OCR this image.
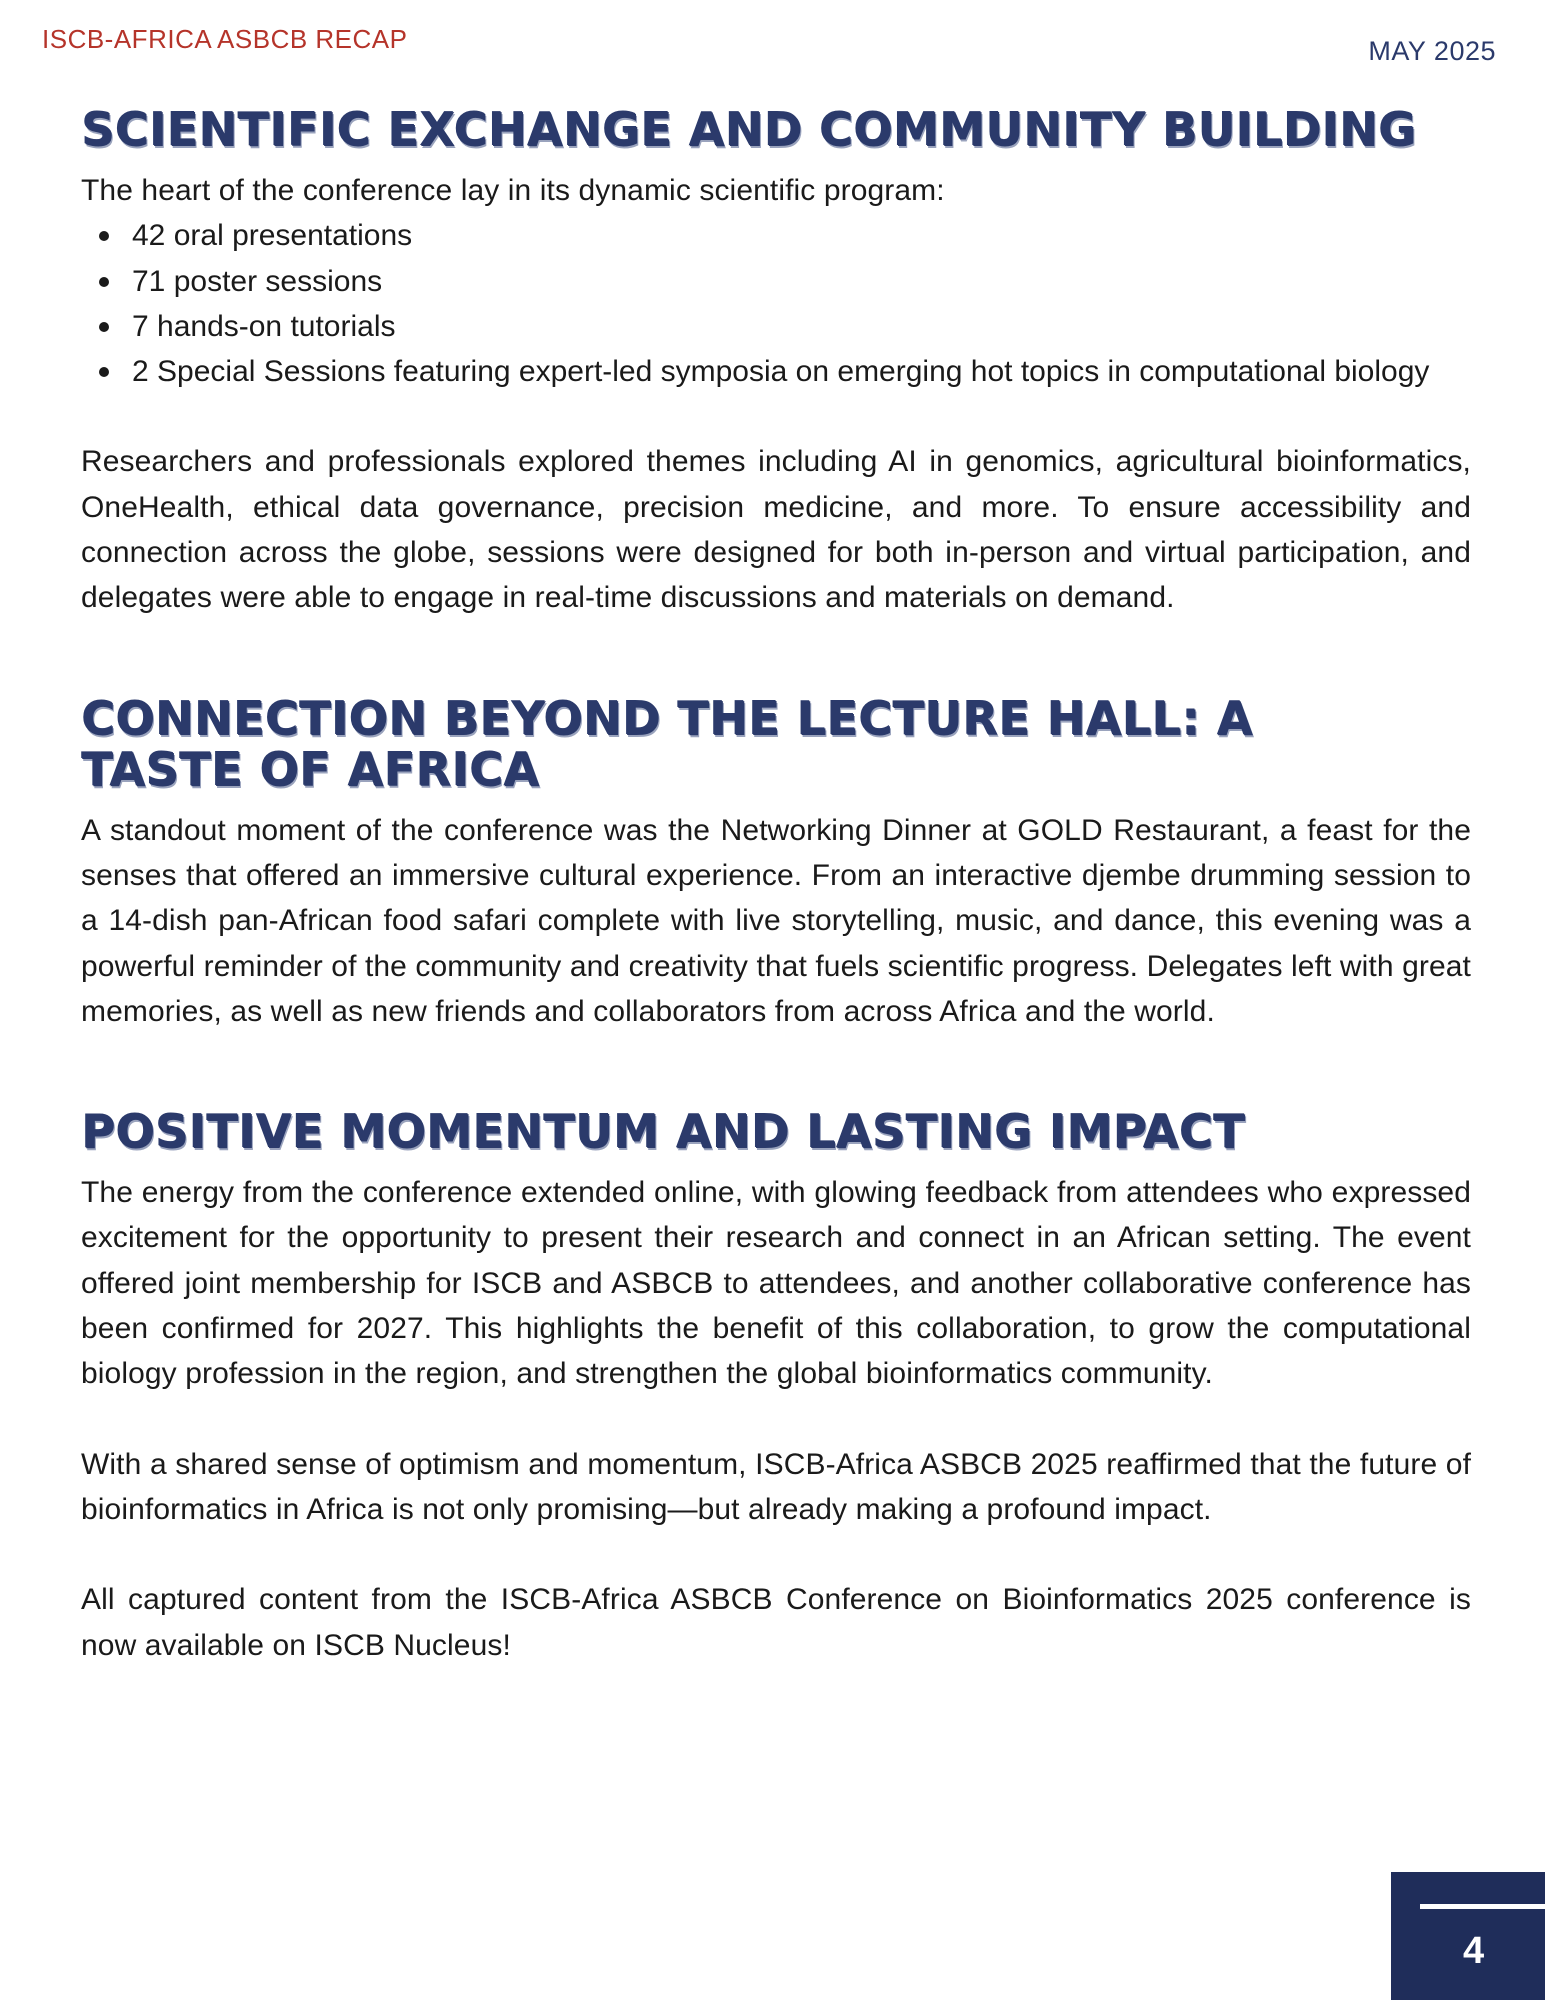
ISCB-AFRICA ASBCB RECAP	MAY 2025
SCIENTIFIC EXCHANGE AND COMMUNITY BUILDING

The heart of the conference lay in its dynamic scientific program:

42 oral presentations
71 poster sessions
7 hands-on tutorials
2 Special Sessions featuring expert-led symposia on emerging hot topics in computational biology

Researchers and professionals explored themes including AI in genomics, agricultural bioinformatics, OneHealth, ethical data governance, precision medicine, and more. To ensure accessibility and connection across the globe, sessions were designed for both in-person and virtual participation, and delegates were able to engage in real-time discussions and materials on demand.

CONNECTION BEYOND THE LECTURE HALL: A TASTE OF AFRICA

A standout moment of the conference was the Networking Dinner at GOLD Restaurant, a feast for the senses that offered an immersive cultural experience. From an interactive djembe drumming session to a 14-dish pan-African food safari complete with live storytelling, music, and dance, this evening was a powerful reminder of the community and creativity that fuels scientific progress. Delegates left with great memories, as well as new friends and collaborators from across Africa and the world.

POSITIVE MOMENTUM AND LASTING IMPACT

The energy from the conference extended online, with glowing feedback from attendees who expressed excitement for the opportunity to present their research and connect in an African setting. The event offered joint membership for ISCB and ASBCB to attendees, and another collaborative conference has been confirmed for 2027. This highlights the benefit of this collaboration, to grow the computational biology profession in the region, and strengthen the global bioinformatics community.

With a shared sense of optimism and momentum, ISCB-Africa ASBCB 2025 reaffirmed that the future of bioinformatics in Africa is not only promising—but already making a profound impact.

All captured content from the ISCB-Africa ASBCB Conference on Bioinformatics 2025 conference is now available on ISCB Nucleus!

4
